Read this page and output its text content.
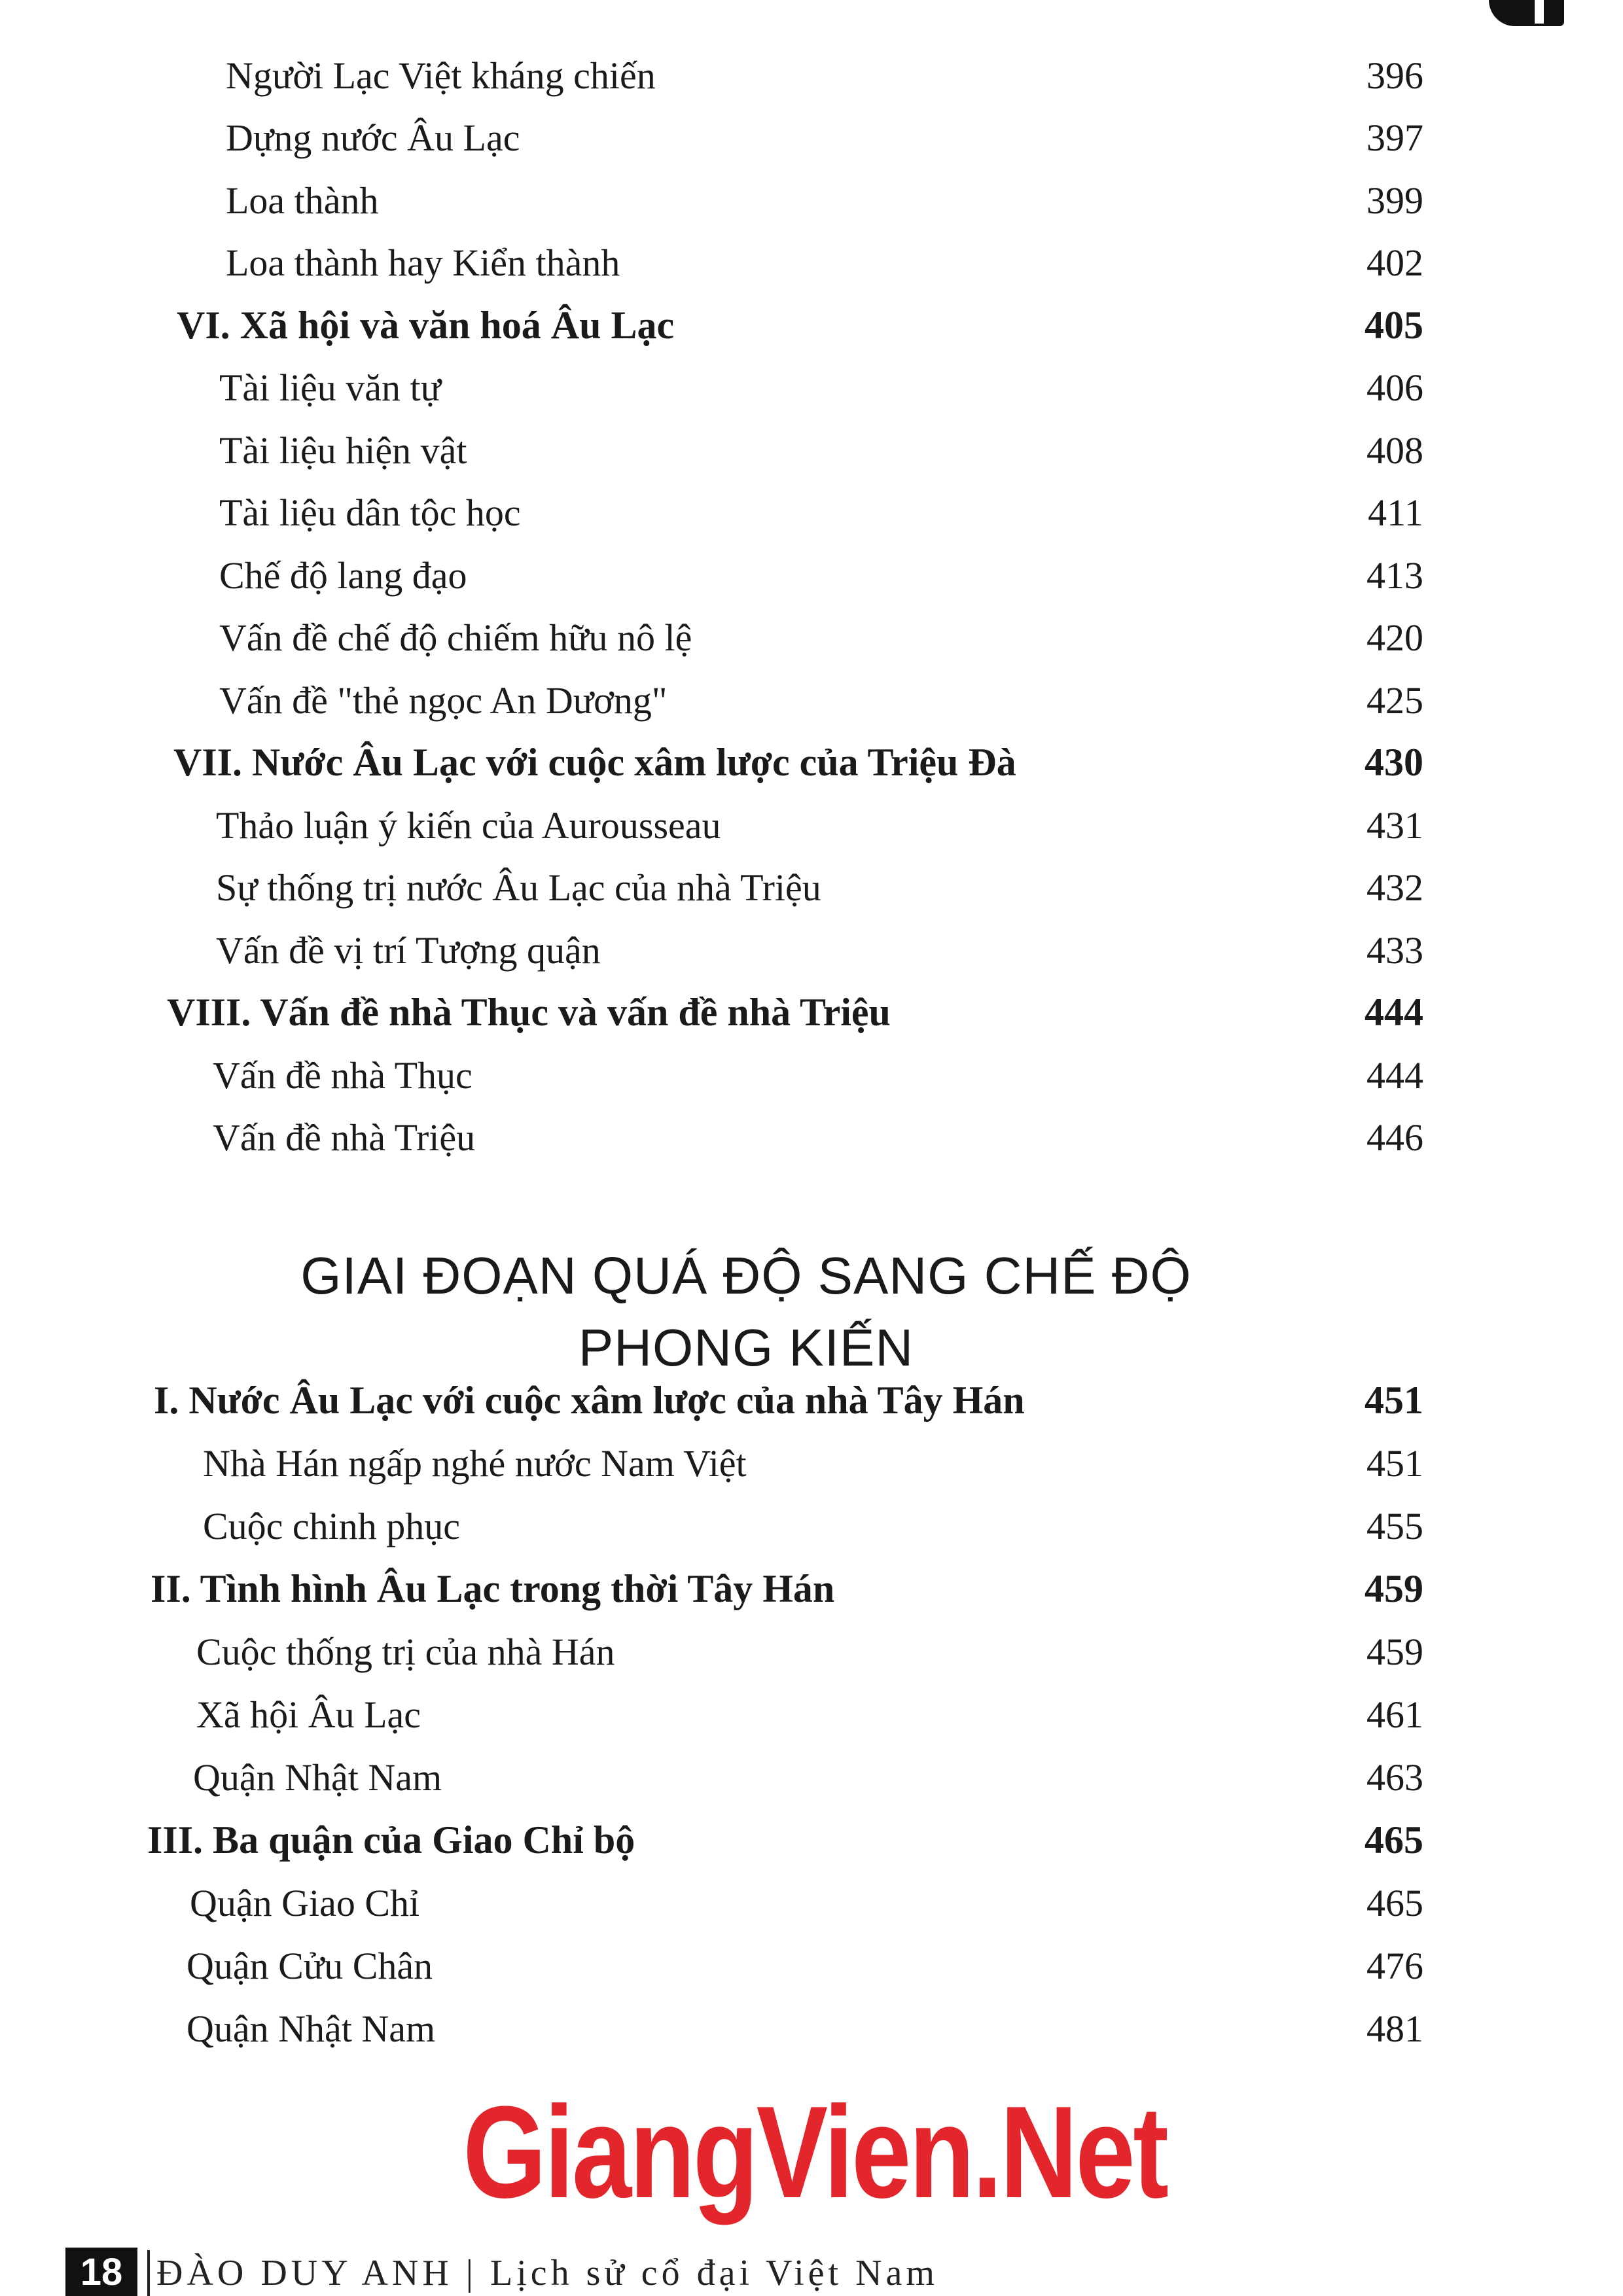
Người Lạc Việt kháng chiến	396
Dựng nước Âu Lạc	397
Loa thành	399
Loa thành hay Kiển thành	402
VI. Xã hội và văn hoá Âu Lạc	405
Tài liệu văn tự	406
Tài liệu hiện vật	408
Tài liệu dân tộc học	411
Chế độ lang đạo	413
Vấn đề chế độ chiếm hữu nô lệ	420
Vấn đề "thẻ ngọc An Dương"	425
VII. Nước Âu Lạc với cuộc xâm lược của Triệu Đà	430
Thảo luận ý kiến của Aurousseau	431
Sự thống trị nước Âu Lạc của nhà Triệu	432
Vấn đề vị trí Tượng quận	433
VIII. Vấn đề nhà Thục và vấn đề nhà Triệu	444
Vấn đề nhà Thục	444
Vấn đề nhà Triệu	446
GIAI ĐOẠN QUÁ ĐỘ SANG CHẾ ĐỘ
PHONG KIẾN
I. Nước Âu Lạc với cuộc xâm lược của nhà Tây Hán	451
Nhà Hán ngấp nghé nước Nam Việt	451
Cuộc chinh phục	455
II. Tình hình Âu Lạc trong thời Tây Hán	459
Cuộc thống trị của nhà Hán	459
Xã hội Âu Lạc	461
Quận Nhật Nam	463
III. Ba quận của Giao Chỉ bộ	465
Quận Giao Chỉ	465
Quận Cửu Chân	476
Quận Nhật Nam	481
GiangVien.Net
18 ĐÀO DUY ANH | Lịch sử cổ đại Việt Nam
